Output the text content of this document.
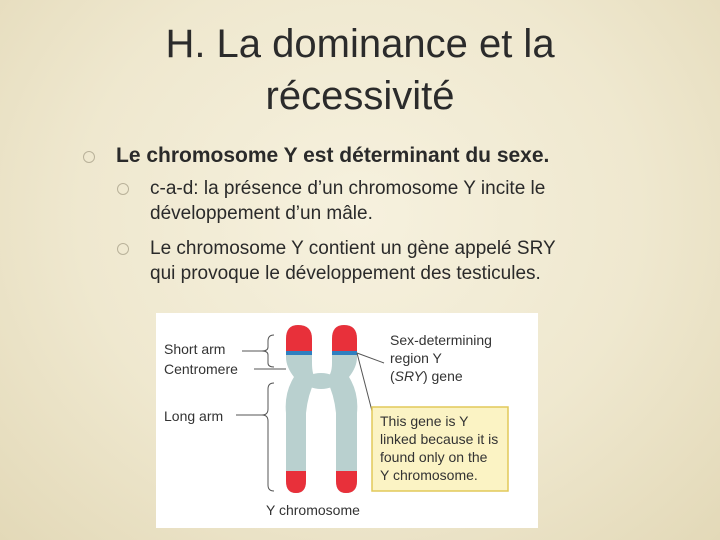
H. La dominance et la
récessivité
Le chromosome Y est déterminant du sexe.
c-a-d: la présence d’un chromosome Y incite le
développement d’un mâle.
Le chromosome Y contient un gène appelé SRY
qui provoque le développement des testicules.
Short arm
Centromere
Long arm
Sex-determining
region Y
(SRY) gene
This gene is Y
linked because it is
found only on the
Y chromosome.
Y chromosome
